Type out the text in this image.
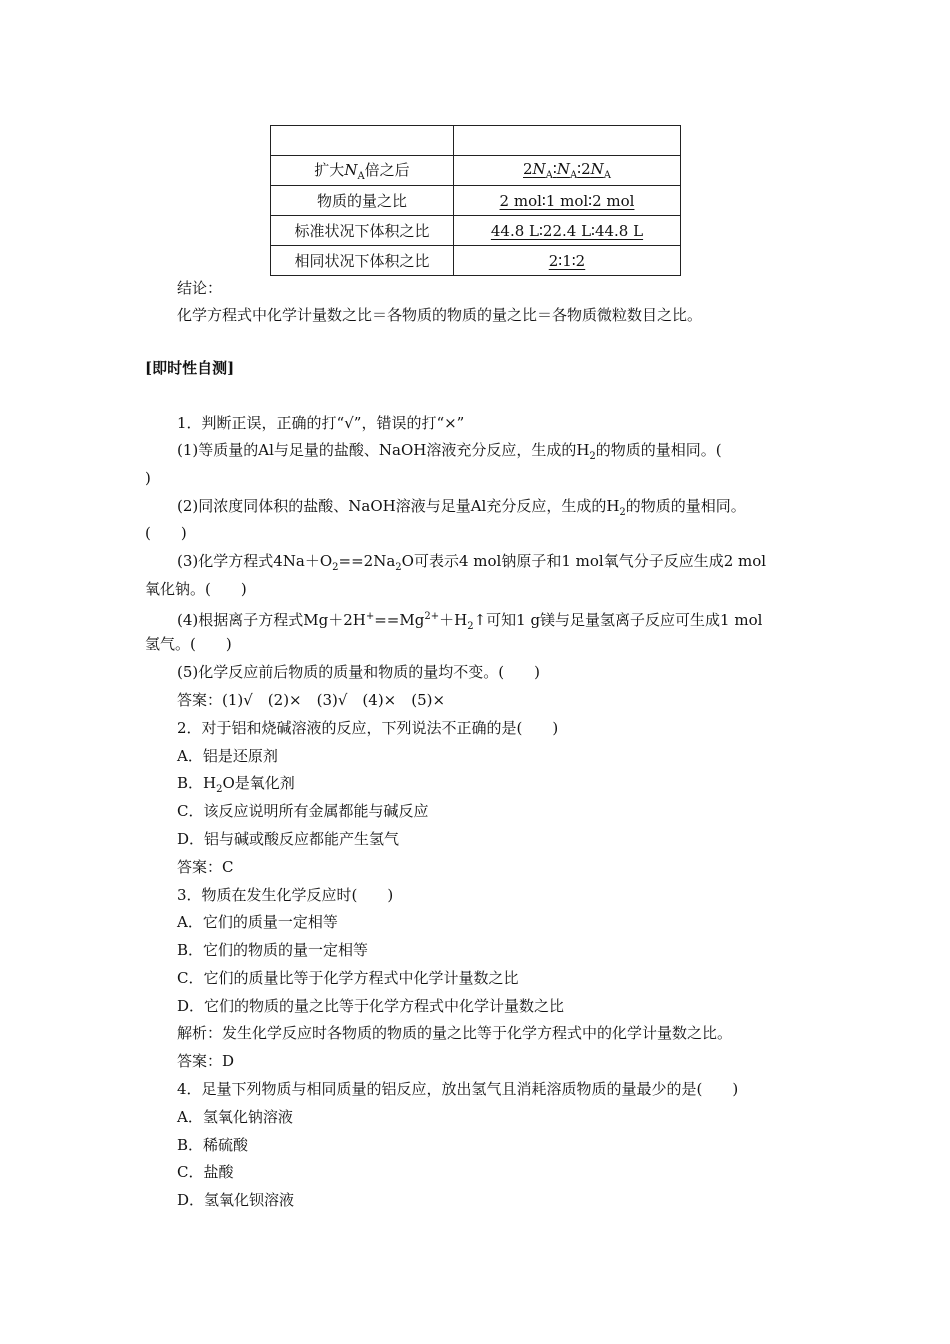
扩大$N_A$倍之后	$2N_A∶N_A∶2N_A$
物质的量之比	2 mol∶1 mol∶2 mol
标准状况下体积之比	44.8 L∶22.4 L∶44.8 L
相同状况下体积之比	2∶1∶2
结论：
化学方程式中化学计量数之比＝各物质的物质的量之比＝各物质微粒数目之比。
[即时性自测]
1．判断正误，正确的打“√”，错误的打“×”
(1)等质量的Al与足量的盐酸、NaOH溶液充分反应，生成的$H_2$的物质的量相同。(
)
(2)同浓度同体积的盐酸、NaOH溶液与足量Al充分反应，生成的$H_2$的物质的量相同。
(　　)
(3)化学方程式$4Na+O_2==2Na_2O$可表示4 mol钠原子和1 mol氧气分子反应生成2 mol
氧化钠。(　　)
(4)根据离子方程式$Mg+2H^+==Mg^{2+}+H_2↑$可知1 g镁与足量氢离子反应可生成1 mol
氢气。(　　)
(5)化学反应前后物质的质量和物质的量均不变。(　　)
答案：(1)√　(2)×　(3)√　(4)×　(5)×
2．对于铝和烧碱溶液的反应，下列说法不正确的是(　　)
A．铝是还原剂
B．$H_2O$是氧化剂
C．该反应说明所有金属都能与碱反应
D．铝与碱或酸反应都能产生氢气
答案：C
3．物质在发生化学反应时(　　)
A．它们的质量一定相等
B．它们的物质的量一定相等
C．它们的质量比等于化学方程式中化学计量数之比
D．它们的物质的量之比等于化学方程式中化学计量数之比
解析：发生化学反应时各物质的物质的量之比等于化学方程式中的化学计量数之比。
答案：D
4．足量下列物质与相同质量的铝反应，放出氢气且消耗溶质物质的量最少的是(　　)
A．氢氧化钠溶液
B．稀硫酸
C．盐酸
D．氢氧化钡溶液
